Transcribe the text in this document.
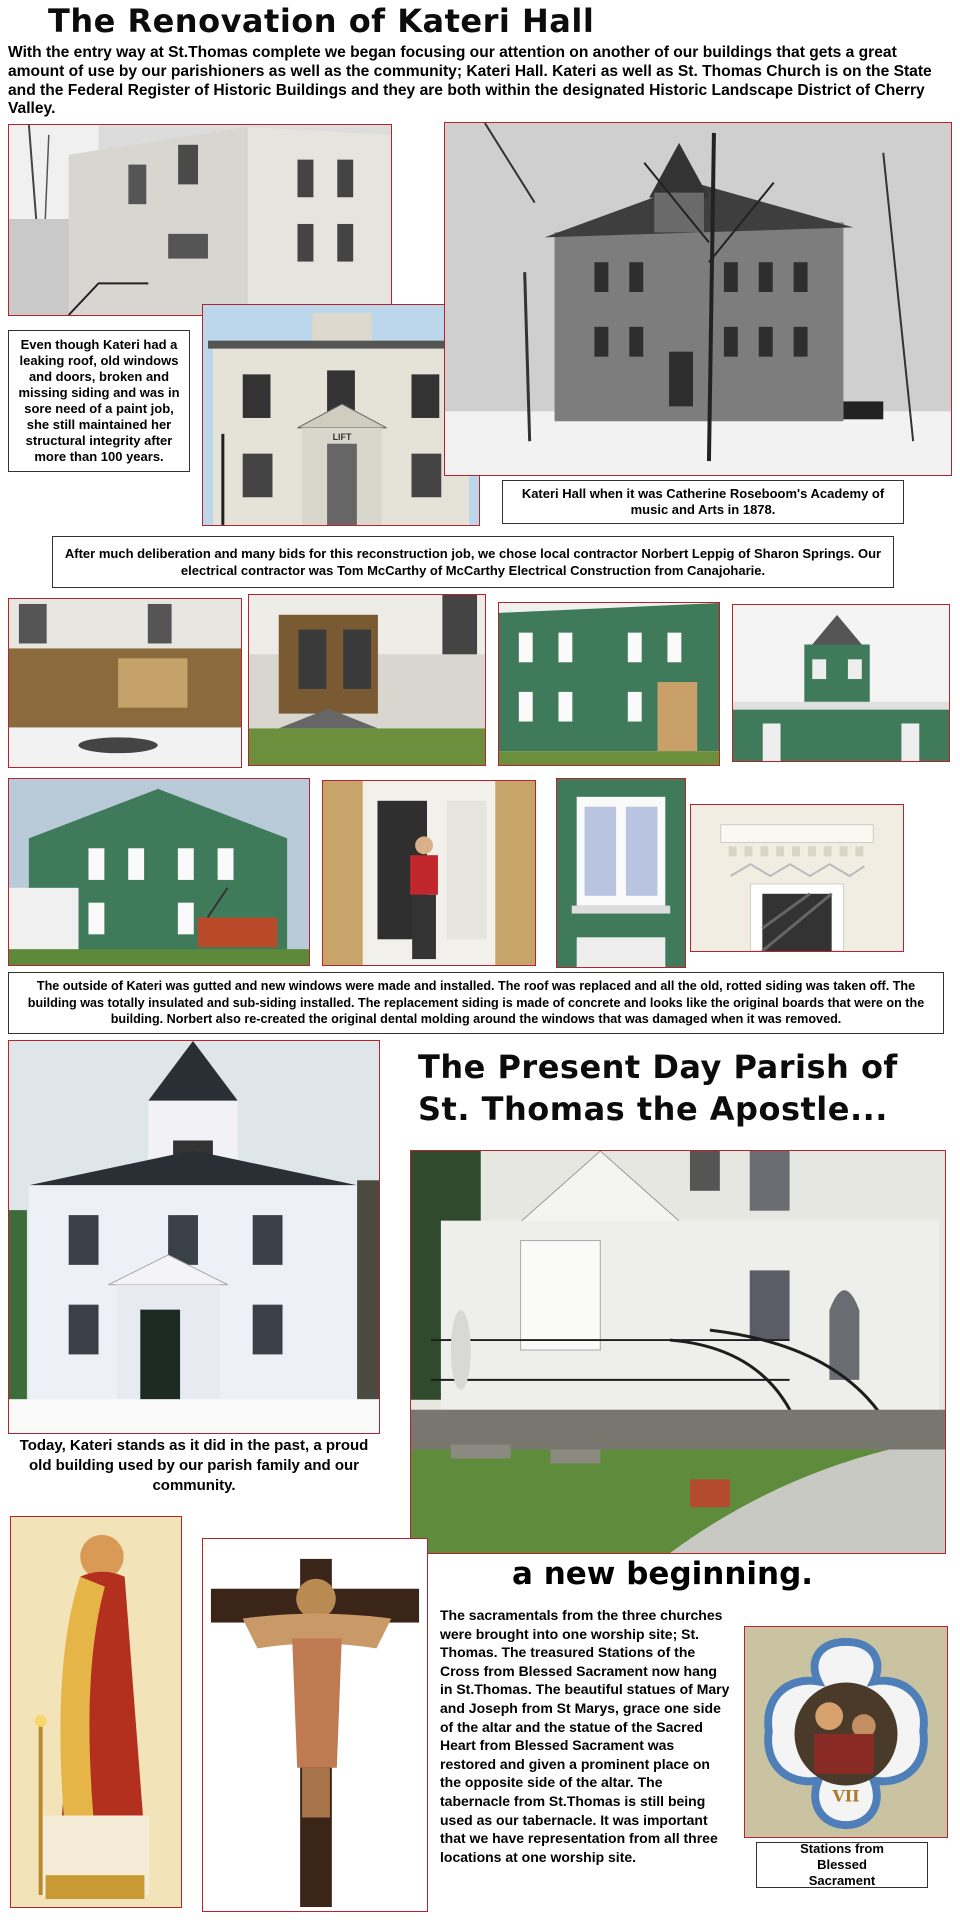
The Renovation of Kateri Hall
With the entry way at St.Thomas complete we began focusing our attention on another of our buildings that gets a great amount of use by our parishioners as well as the community; Kateri Hall. Kateri as well as St. Thomas Church is on the State and the Federal Register of Historic Buildings and they are both within the designated Historic Landscape District of Cherry Valley.
LIFT
Even though Kateri had a leaking roof, old windows and doors, broken and missing siding and was in sore need of a paint job, she still maintained her structural integrity after more than 100 years.
Kateri Hall when it was Catherine Roseboom's Academy of music and Arts in 1878.
After much deliberation and many bids for this reconstruction job, we chose local contractor Norbert Leppig of Sharon Springs. Our electrical contractor was Tom McCarthy of McCarthy Electrical Construction from Canajoharie.
The outside of Kateri was gutted and new windows were made and installed. The roof was replaced and all the old, rotted siding was taken off. The building was totally insulated and sub-siding installed. The replacement siding is made of concrete and looks like the original boards that were on the building. Norbert also re-created the original dental molding around the windows that was damaged when it was removed.
Today, Kateri stands as it did in the past, a proud old building used by our parish family and our community.
The Present Day Parish of
St. Thomas the Apostle...
a new beginning.
The sacramentals from the three churches were brought into one worship site; St. Thomas. The treasured Stations of the Cross from Blessed Sacrament now hang in St.Thomas. The beautiful statues of Mary and Joseph from St Marys, grace one side of the altar and the statue of the Sacred Heart from Blessed Sacrament was restored and given a prominent place on the opposite side of the altar. The tabernacle from St.Thomas is still being used as our tabernacle. It was important that we have representation from all three locations at one worship site.
VII
Stations from Blessed Sacrament
